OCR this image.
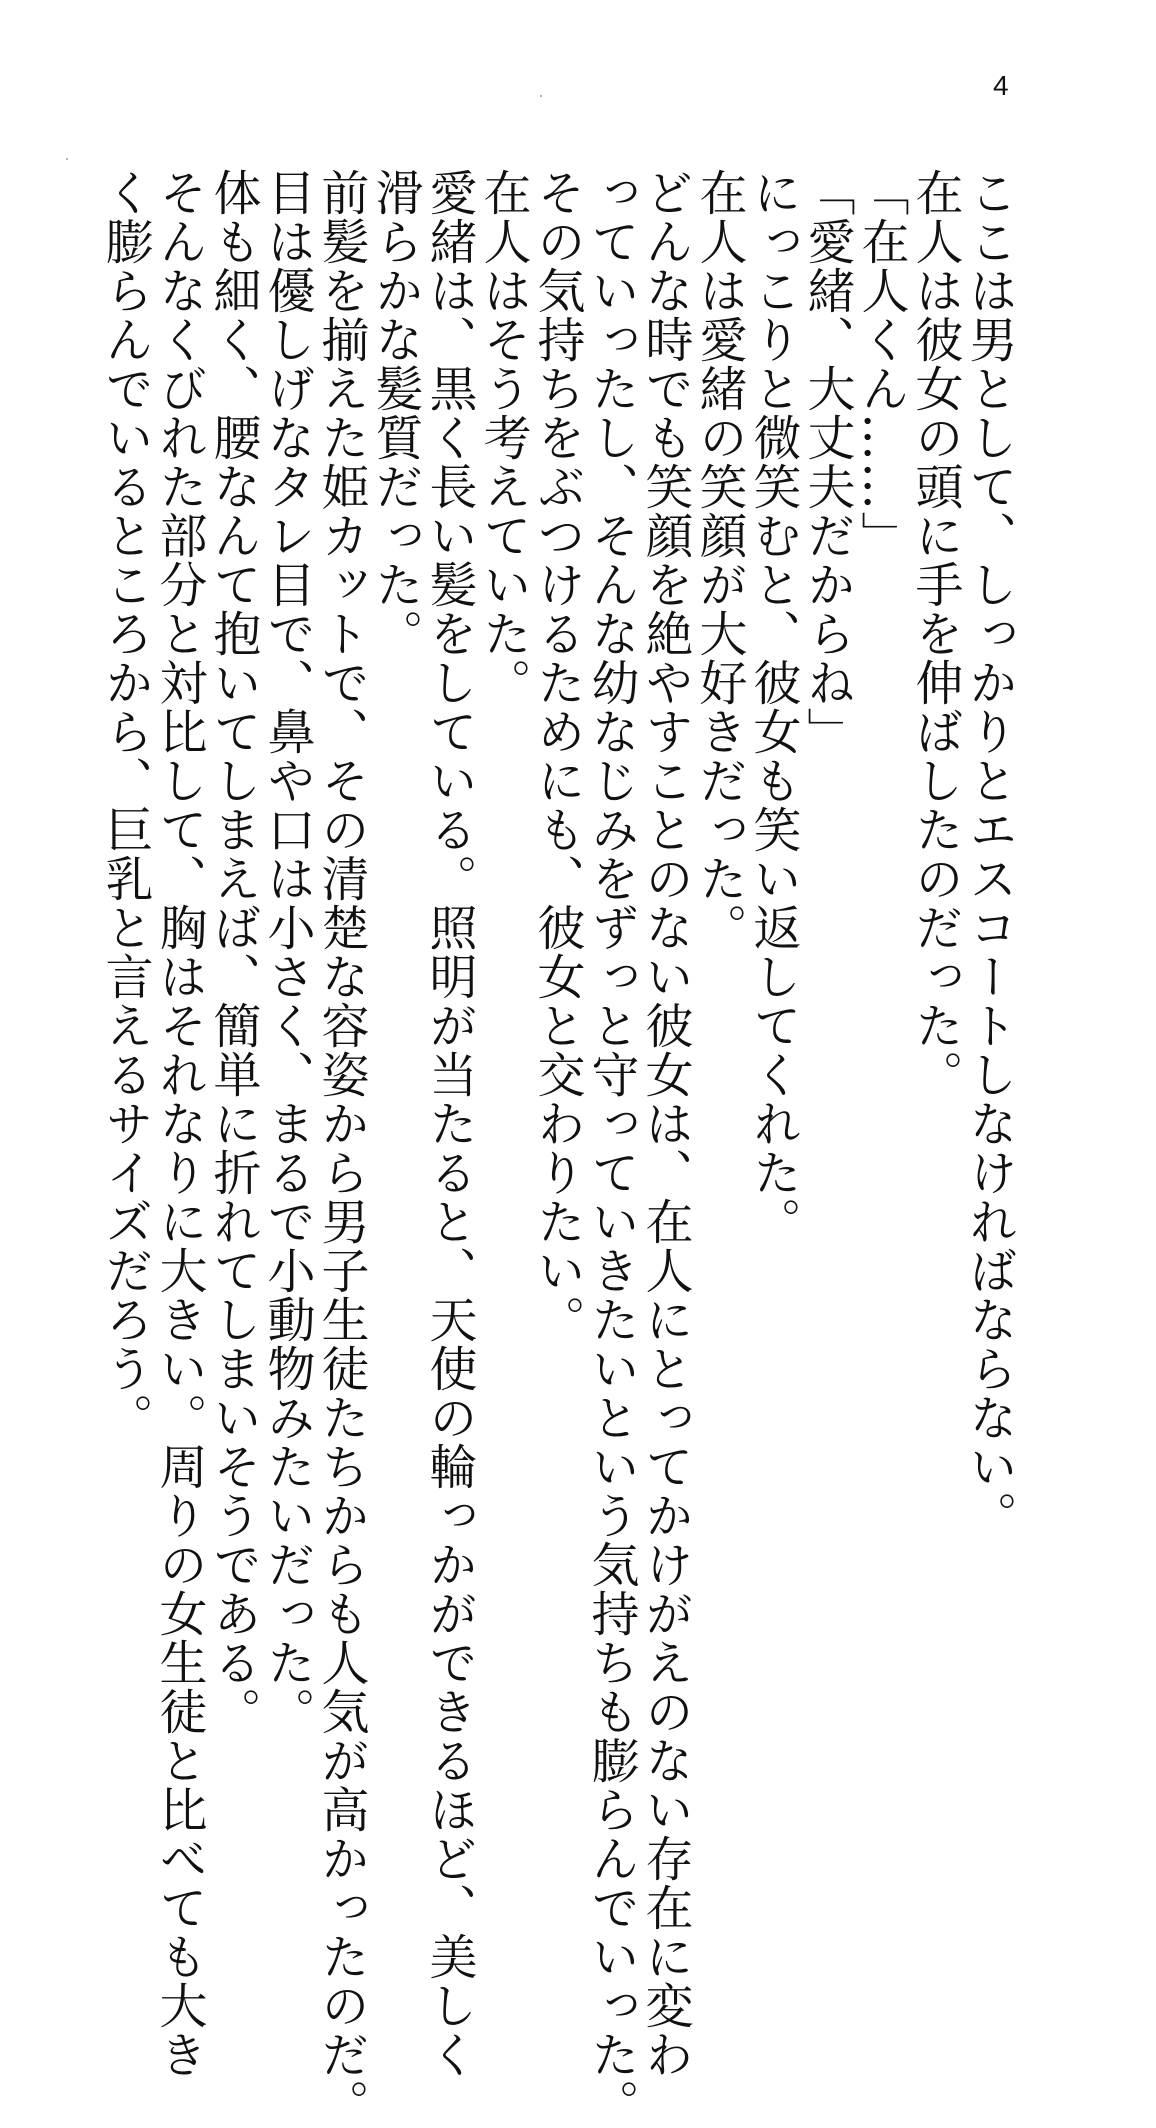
4

ここは男として、しっかりとエスコートしなければならない。

在人は彼女の頭に手を伸ばしたのだった。

「在人くん……」

「愛緒、大丈夫だからね」

にっこりと微笑むと、彼女も笑い返してくれた。

在人は愛緒の笑顔が大好きだった。

どんな時でも笑顔を絶やすことのない彼女は、在人にとってかけがえのない存在に変わ

っていったし、そんな幼なじみをずっと守っていきたいという気持ちも膨らんでいった。

その気持ちをぶつけるためにも、彼女と交わりたい。

在人はそう考えていた。

愛緒は、黒く長い髪をしている。照明が当たると、天使の輪っかができるほど、美しく

滑らかな髪質だった。

前髪を揃えた姫カットで、その清楚な容姿から男子生徒たちからも人気が高かったのだ。

目は優しげなタレ目で、鼻や口は小さく、まるで小動物みたいだった。

体も細く、腰なんて抱いてしまえば、簡単に折れてしまいそうである。

そんなくびれた部分と対比して、胸はそれなりに大きい。周りの女生徒と比べても大き

く膨らんでいるところから、巨乳と言えるサイズだろう。
